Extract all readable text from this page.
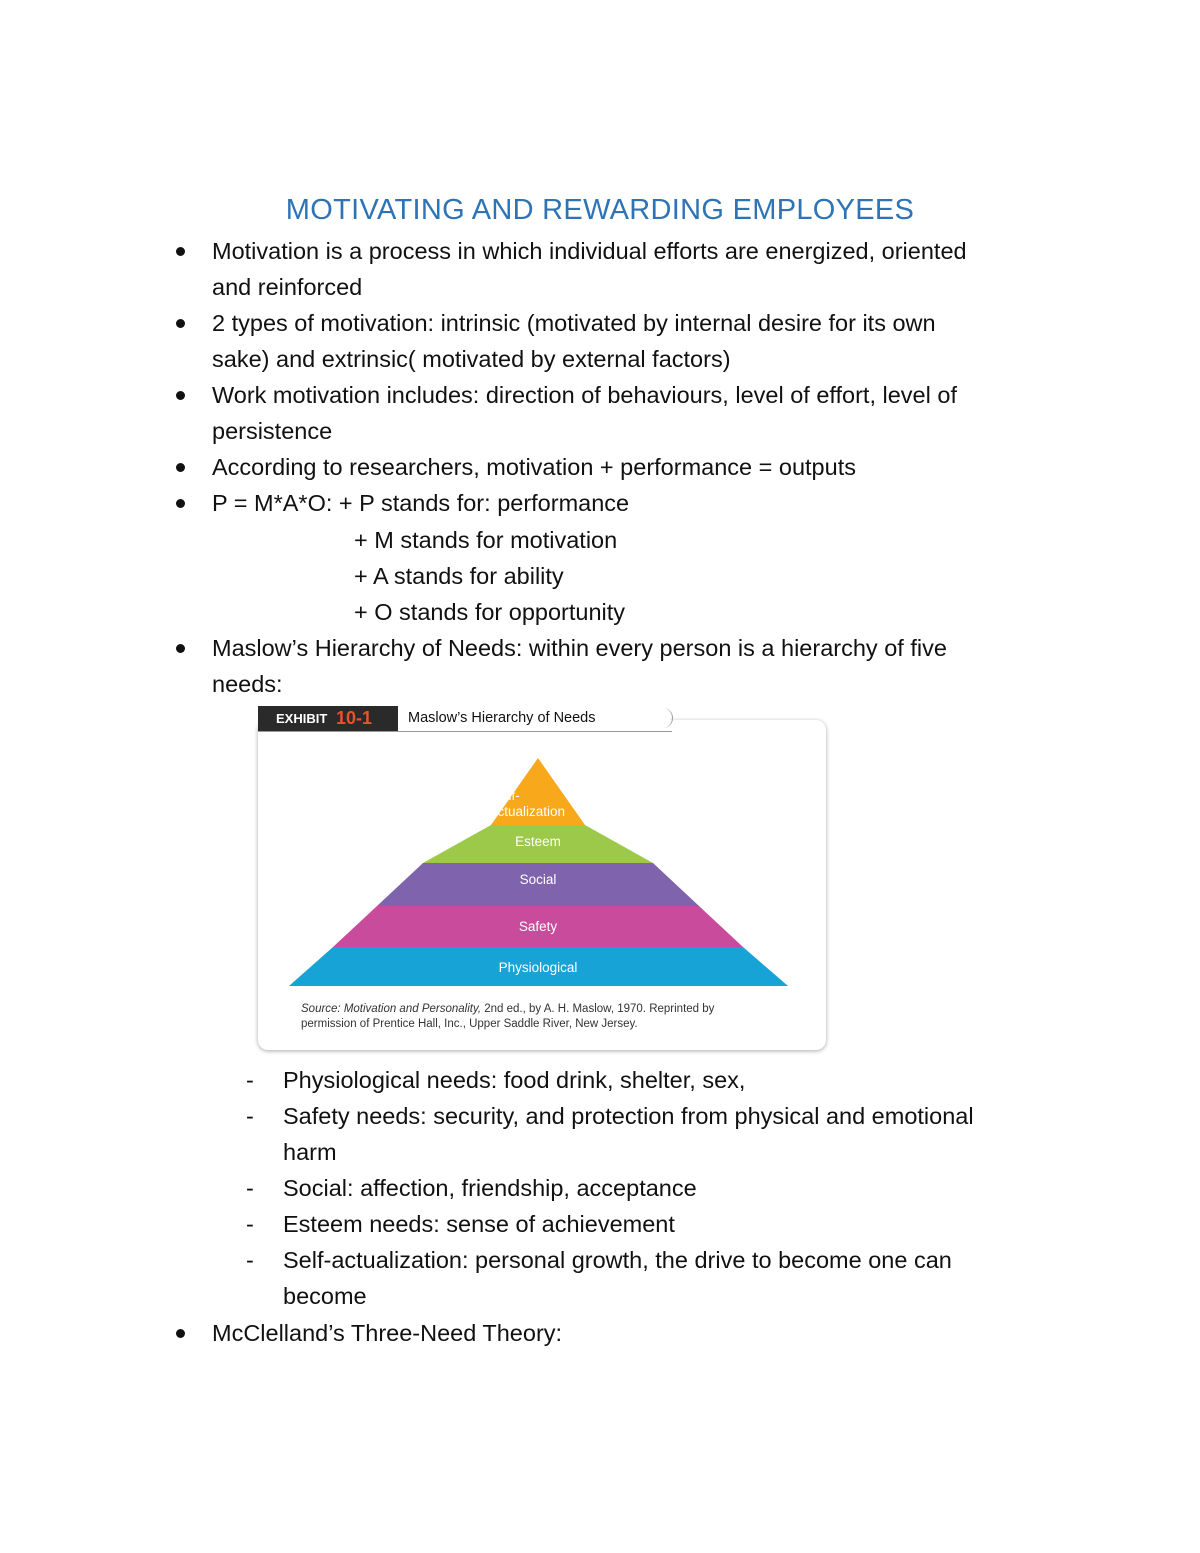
MOTIVATING AND REWARDING EMPLOYEES
Motivation is a process in which individual efforts are energized, oriented
and reinforced
2 types of motivation: intrinsic (motivated by internal desire for its own
sake) and extrinsic( motivated by external factors)
Work motivation includes: direction of behaviours, level of effort, level of
persistence
According to researchers, motivation + performance = outputs
P = M*A*O: + P stands for: performance
+ M stands for motivation
+ A stands for ability
+ O stands for opportunity
Maslow’s Hierarchy of Needs: within every person is a hierarchy of five
needs:
EXHIBIT 10-1	Maslow’s Hierarchy of Needs
Self-
actualization
Esteem
Social
Safety
Physiological
Source: Motivation and Personality, 2nd ed., by A. H. Maslow, 1970. Reprinted by
permission of Prentice Hall, Inc., Upper Saddle River, New Jersey.
- Physiological needs: food drink, shelter, sex,
- Safety needs: security, and protection from physical and emotional
harm
- Social: affection, friendship, acceptance
- Esteem needs: sense of achievement
- Self-actualization: personal growth, the drive to become one can
become
McClelland’s Three-Need Theory:
